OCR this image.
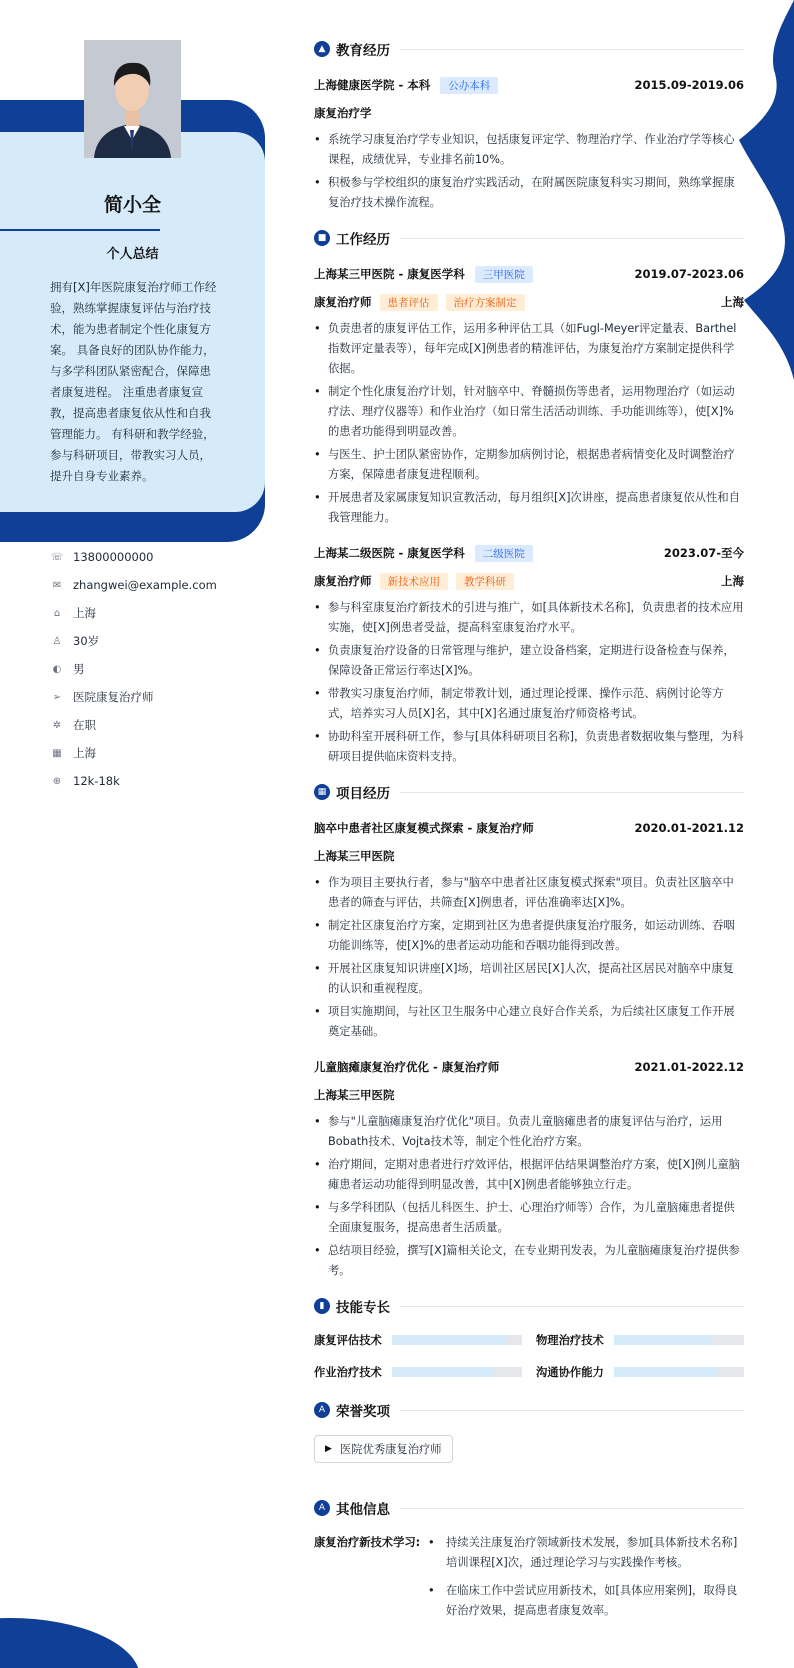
简小全
个人总结
拥有[X]年医院康复治疗师工作经验，熟练掌握康复评估与治疗技术，能为患者制定个性化康复方案。 具备良好的团队协作能力，与多学科团队紧密配合，保障患者康复进程。 注重患者康复宣教，提高患者康复依从性和自我管理能力。 有科研和教学经验，参与科研项目，带教实习人员，提升自身专业素养。
☏ 13800000000
✉ zhangwei@example.com
⌂	上海
♙ 30岁
◐ 男
➢ 医院康复治疗师
✲ 在职
▦ 上海
⊕ 12k-18k
▲ 教育经历
上海健康医学院 - 本科	公办本科	2015.09-2019.06
康复治疗学
• 系统学习康复治疗学专业知识，包括康复评定学、物理治疗学、作业治疗学等核心课程，成绩优异，专业排名前10%。
• 积极参与学校组织的康复治疗实践活动，在附属医院康复科实习期间，熟练掌握康复治疗技术操作流程。
■ 工作经历
上海某三甲医院 - 康复医学科	三甲医院	2019.07-2023.06
康复治疗师	患者评估	治疗方案制定	上海
• 负责患者的康复评估工作，运用多种评估工具（如Fugl-Meyer评定量表、Barthel指数评定量表等），每年完成[X]例患者的精准评估，为康复治疗方案制定提供科学依据。
• 制定个性化康复治疗计划，针对脑卒中、脊髓损伤等患者，运用物理治疗（如运动疗法、理疗仪器等）和作业治疗（如日常生活活动训练、手功能训练等），使[X]%的患者功能得到明显改善。
• 与医生、护士团队紧密协作，定期参加病例讨论，根据患者病情变化及时调整治疗方案，保障患者康复进程顺利。
• 开展患者及家属康复知识宣教活动，每月组织[X]次讲座，提高患者康复依从性和自我管理能力。
上海某二级医院 - 康复医学科	二级医院	2023.07-至今
康复治疗师	新技术应用	教学科研	上海
• 参与科室康复治疗新技术的引进与推广，如[具体新技术名称]，负责患者的技术应用实施，使[X]例患者受益，提高科室康复治疗水平。
• 负责康复治疗设备的日常管理与维护，建立设备档案，定期进行设备检查与保养，保障设备正常运行率达[X]%。
• 带教实习康复治疗师，制定带教计划，通过理论授课、操作示范、病例讨论等方式，培养实习人员[X]名，其中[X]名通过康复治疗师资格考试。
• 协助科室开展科研工作，参与[具体科研项目名称]，负责患者数据收集与整理，为科研项目提供临床资料支持。
▦ 项目经历
脑卒中患者社区康复模式探索 - 康复治疗师	2020.01-2021.12
上海某三甲医院
• 作为项目主要执行者，参与"脑卒中患者社区康复模式探索"项目。负责社区脑卒中患者的筛查与评估，共筛查[X]例患者，评估准确率达[X]%。
• 制定社区康复治疗方案，定期到社区为患者提供康复治疗服务，如运动训练、吞咽功能训练等，使[X]%的患者运动功能和吞咽功能得到改善。
• 开展社区康复知识讲座[X]场，培训社区居民[X]人次，提高社区居民对脑卒中康复的认识和重视程度。
• 项目实施期间，与社区卫生服务中心建立良好合作关系，为后续社区康复工作开展奠定基础。
儿童脑瘫康复治疗优化 - 康复治疗师	2021.01-2022.12
上海某三甲医院
• 参与"儿童脑瘫康复治疗优化"项目。负责儿童脑瘫患者的康复评估与治疗，运用Bobath技术、Vojta技术等，制定个性化治疗方案。
• 治疗期间，定期对患者进行疗效评估，根据评估结果调整治疗方案，使[X]例儿童脑瘫患者运动功能得到明显改善，其中[X]例患者能够独立行走。
• 与多学科团队（包括儿科医生、护士、心理治疗师等）合作，为儿童脑瘫患者提供全面康复服务，提高患者生活质量。
• 总结项目经验，撰写[X]篇相关论文，在专业期刊发表，为儿童脑瘫康复治疗提供参考。
▮ 技能专长
康复评估技术	物理治疗技术
作业治疗技术	沟通协作能力
A 荣誉奖项
▶ 医院优秀康复治疗师
A 其他信息
康复治疗新技术学习:
•	持续关注康复治疗领域新技术发展，参加[具体新技术名称]培训课程[X]次，通过理论学习与实践操作考核。
• 在临床工作中尝试应用新技术，如[具体应用案例]，取得良好治疗效果，提高患者康复效率。
